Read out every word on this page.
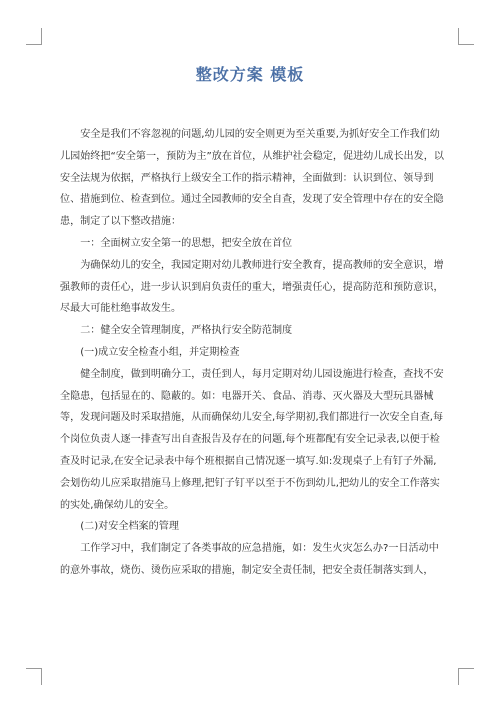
整改方案 模板

安全是我们不容忽视的问题,幼儿园的安全则更为至关重要,为抓好安全工作我们幼儿园始终把“安全第一，预防为主”放在首位，从维护社会稳定，促进幼儿成长出发，以安全法规为依据，严格执行上级安全工作的指示精神，全面做到：认识到位、领导到位、措施到位、检查到位。通过全园教师的安全自查，发现了安全管理中存在的安全隐患，制定了以下整改措施：

一：全面树立安全第一的思想，把安全放在首位

为确保幼儿的安全，我园定期对幼儿教师进行安全教育，提高教师的安全意识，增强教师的责任心，进一步认识到肩负责任的重大，增强责任心，提高防范和预防意识，尽最大可能杜绝事故发生。

二：健全安全管理制度，严格执行安全防范制度

(一)成立安全检查小组，并定期检查

健全制度，做到明确分工，责任到人，每月定期对幼儿园设施进行检查，查找不安全隐患，包括显在的、隐蔽的。如：电器开关、食品、消毒、灭火器及大型玩具器械等，发现问题及时采取措施，从而确保幼儿安全,每学期初,我们都进行一次安全自查,每个岗位负责人逐一排查写出自查报告及存在的问题,每个班都配有安全记录表,以便于检查及时记录,在安全记录表中每个班根据自己情况逐一填写.如:发现桌子上有钉子外漏,会划伤幼儿应采取措施马上修理,把钉子钉平以至于不伤到幼儿,把幼儿的安全工作落实的实处,确保幼儿的安全。

(二)对安全档案的管理

工作学习中，我们制定了各类事故的应急措施，如：发生火灾怎么办?一日活动中的意外事故，烧伤、烫伤应采取的措施，制定安全责任制，把安全责任制落实到人，
